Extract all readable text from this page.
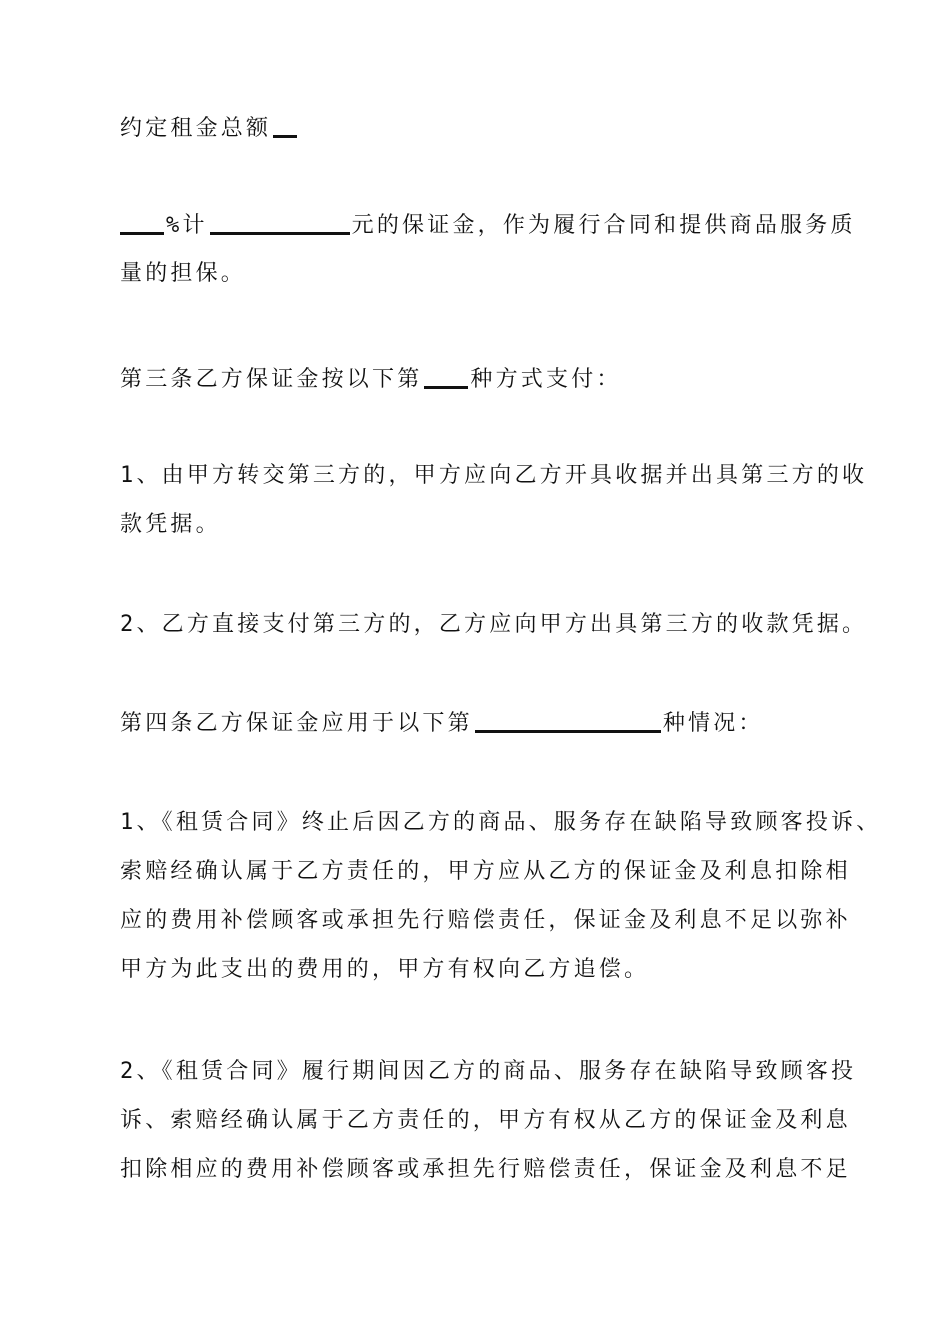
约定租金总额
%计	元的保证金，作为履行合同和提供商品服务质
量的担保。
第三条乙方保证金按以下第 种方式支付：
1、由甲方转交第三方的，甲方应向乙方开具收据并出具第三方的收
款凭据。
2、乙方直接支付第三方的，乙方应向甲方出具第三方的收款凭据。
第四条乙方保证金应用于以下第	种情况：
1、《租赁合同》终止后因乙方的商品、服务存在缺陷导致顾客投诉、
索赔经确认属于乙方责任的，甲方应从乙方的保证金及利息扣除相
应的费用补偿顾客或承担先行赔偿责任，保证金及利息不足以弥补
甲方为此支出的费用的，甲方有权向乙方追偿。
2、《租赁合同》履行期间因乙方的商品、服务存在缺陷导致顾客投
诉、索赔经确认属于乙方责任的，甲方有权从乙方的保证金及利息
扣除相应的费用补偿顾客或承担先行赔偿责任，保证金及利息不足
